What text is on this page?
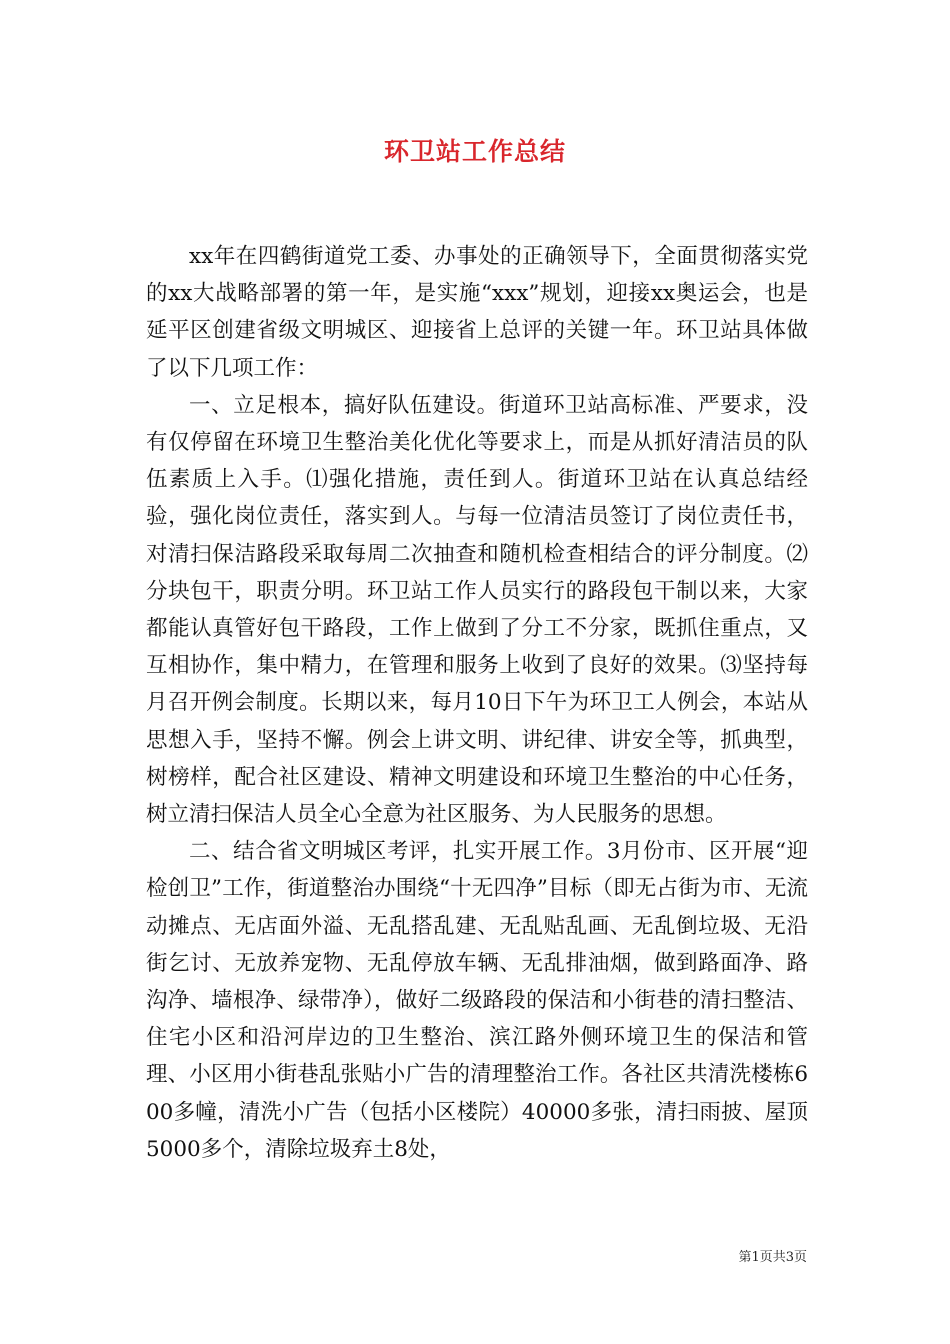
环卫站工作总结

xx年在四鹤街道党工委、办事处的正确领导下，全面贯彻落实党的xx大战略部署的第一年，是实施“xxx”规划，迎接xx奥运会，也是延平区创建省级文明城区、迎接省上总评的关键一年。环卫站具体做了以下几项工作：

一、立足根本，搞好队伍建设。街道环卫站高标准、严要求，没有仅停留在环境卫生整治美化优化等要求上，而是从抓好清洁员的队伍素质上入手。⑴强化措施，责任到人。街道环卫站在认真总结经验，强化岗位责任，落实到人。与每一位清洁员签订了岗位责任书，对清扫保洁路段采取每周二次抽查和随机检查相结合的评分制度。⑵分块包干，职责分明。环卫站工作人员实行的路段包干制以来，大家都能认真管好包干路段，工作上做到了分工不分家，既抓住重点，又互相协作，集中精力，在管理和服务上收到了良好的效果。⑶坚持每月召开例会制度。长期以来，每月10日下午为环卫工人例会，本站从思想入手，坚持不懈。例会上讲文明、讲纪律、讲安全等，抓典型，树榜样，配合社区建设、精神文明建设和环境卫生整治的中心任务，树立清扫保洁人员全心全意为社区服务、为人民服务的思想。

二、结合省文明城区考评，扎实开展工作。3月份市、区开展“迎检创卫”工作，街道整治办围绕“十无四净”目标（即无占街为市、无流动摊点、无店面外溢、无乱搭乱建、无乱贴乱画、无乱倒垃圾、无沿街乞讨、无放养宠物、无乱停放车辆、无乱排油烟，做到路面净、路沟净、墙根净、绿带净），做好二级路段的保洁和小街巷的清扫整洁、住宅小区和沿河岸边的卫生整治、滨江路外侧环境卫生的保洁和管理、小区用小街巷乱张贴小广告的清理整治工作。各社区共清洗楼栋600多幢，清洗小广告（包括小区楼院）40000多张，清扫雨披、屋顶5000多个，清除垃圾弃土8处，

第1页共3页
